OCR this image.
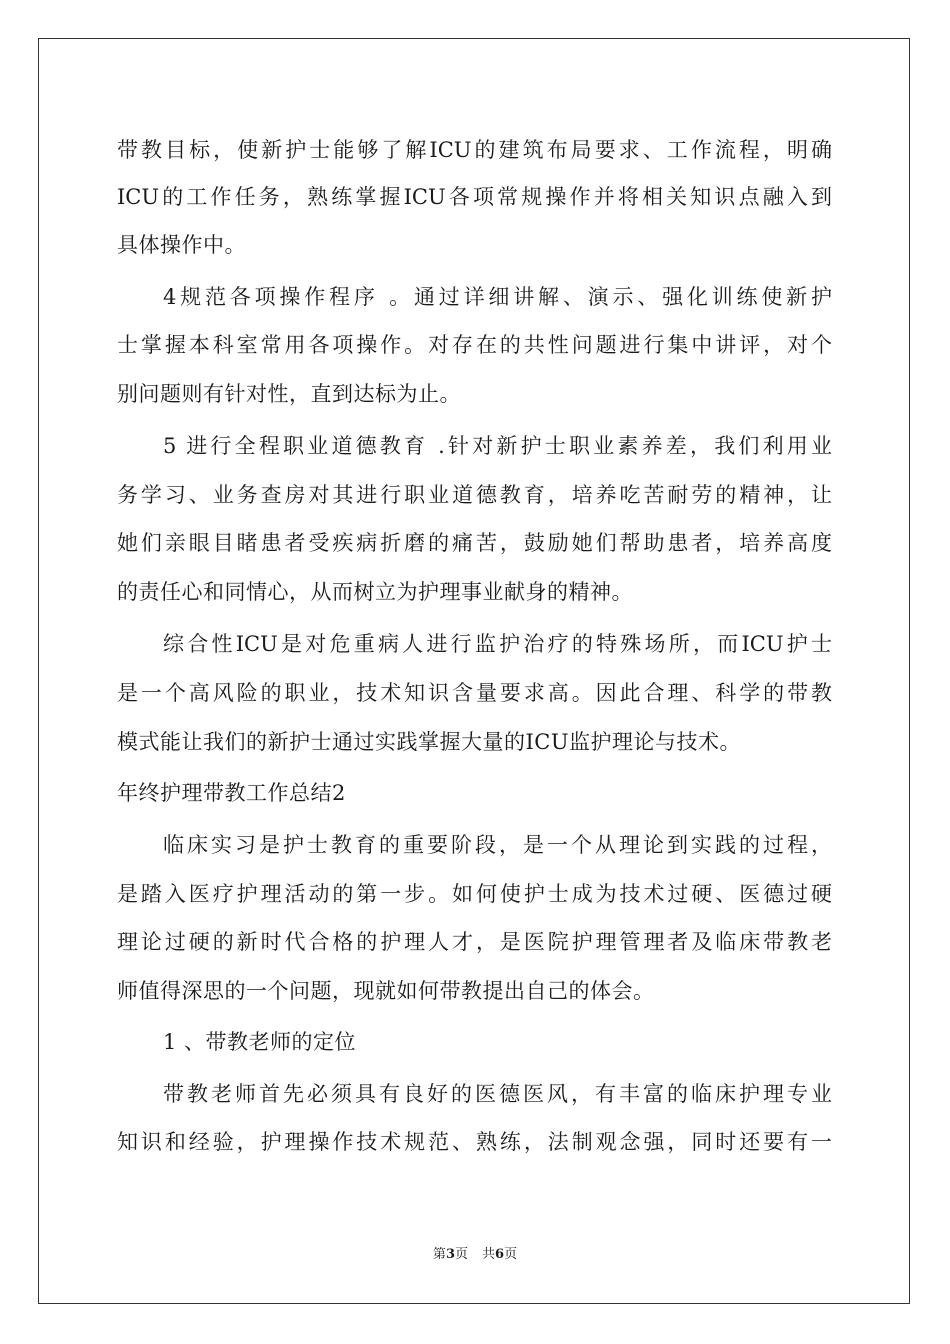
带教目标，使新护士能够了解ICU的建筑布局要求、工作流程，明确
ICU的工作任务，熟练掌握ICU各项常规操作并将相关知识点融入到
具体操作中。
4规范各项操作程序 。通过详细讲解、演示、强化训练使新护
士掌握本科室常用各项操作。对存在的共性问题进行集中讲评，对个
别问题则有针对性，直到达标为止。
5 进行全程职业道德教育 .针对新护士职业素养差，我们利用业
务学习、业务查房对其进行职业道德教育，培养吃苦耐劳的精神，让
她们亲眼目睹患者受疾病折磨的痛苦，鼓励她们帮助患者，培养高度
的责任心和同情心，从而树立为护理事业献身的精神。
综合性ICU是对危重病人进行监护治疗的特殊场所，而ICU护士
是一个高风险的职业，技术知识含量要求高。因此合理、科学的带教
模式能让我们的新护士通过实践掌握大量的ICU监护理论与技术。
年终护理带教工作总结2
临床实习是护士教育的重要阶段，是一个从理论到实践的过程，
是踏入医疗护理活动的第一步。如何使护士成为技术过硬、医德过硬
理论过硬的新时代合格的护理人才，是医院护理管理者及临床带教老
师值得深思的一个问题，现就如何带教提出自己的体会。
1 、带教老师的定位
带教老师首先必须具有良好的医德医风，有丰富的临床护理专业
知识和经验，护理操作技术规范、熟练，法制观念强，同时还要有一
第3页 共6页
